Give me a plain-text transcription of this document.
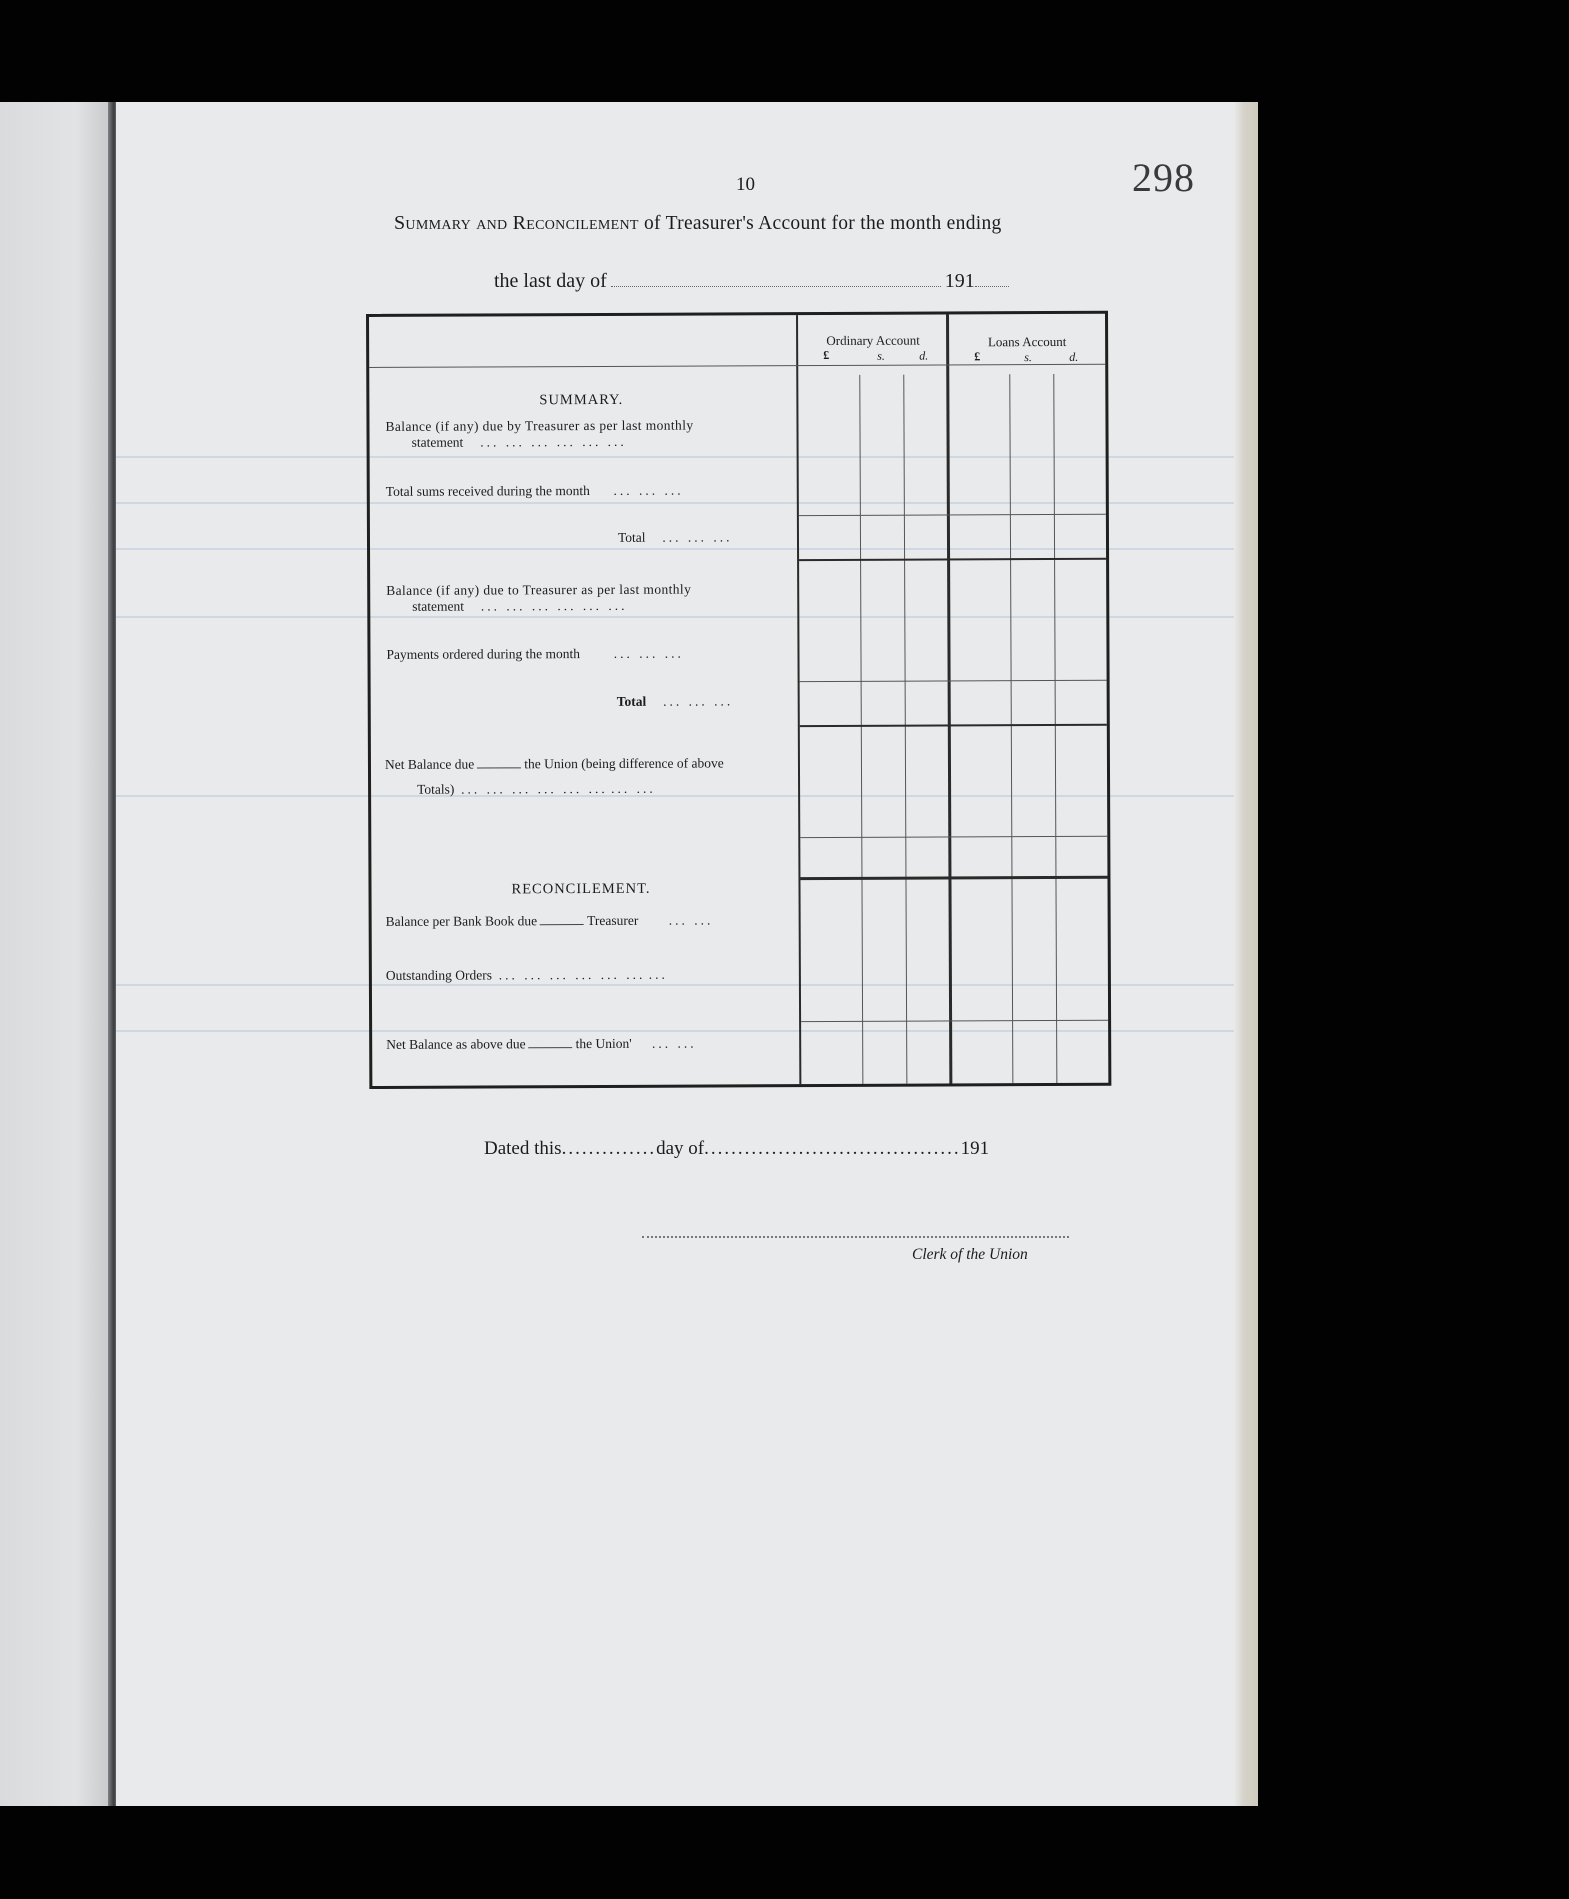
10	298
Summary and Reconcilement of Treasurer's Account for the month ending
the last day of	191
Ordinary Account	Loans Account
£	s.	d.	£	s.	d.
SUMMARY.
Balance (if any) due by Treasurer as per last monthly
statement ... ... ... ... ... ...
Total sums received during the month ... ... ...
Total ... ... ...
Balance (if any) due to Treasurer as per last monthly
statement ... ... ... ... ... ...
Payments ordered during the month ... ... ...
Total ... ... ...
Net Balance due	the Union (being difference of above
Totals) ... ... ... ... ... ... ... ...
RECONCILEMENT.
Balance per Bank Book due	Treasurer ... ...
Outstanding Orders ... ... ... ... ... ... ...
Net Balance as above due	the Union' ... ...
Dated this..............day of......................................191
Clerk of the Union
